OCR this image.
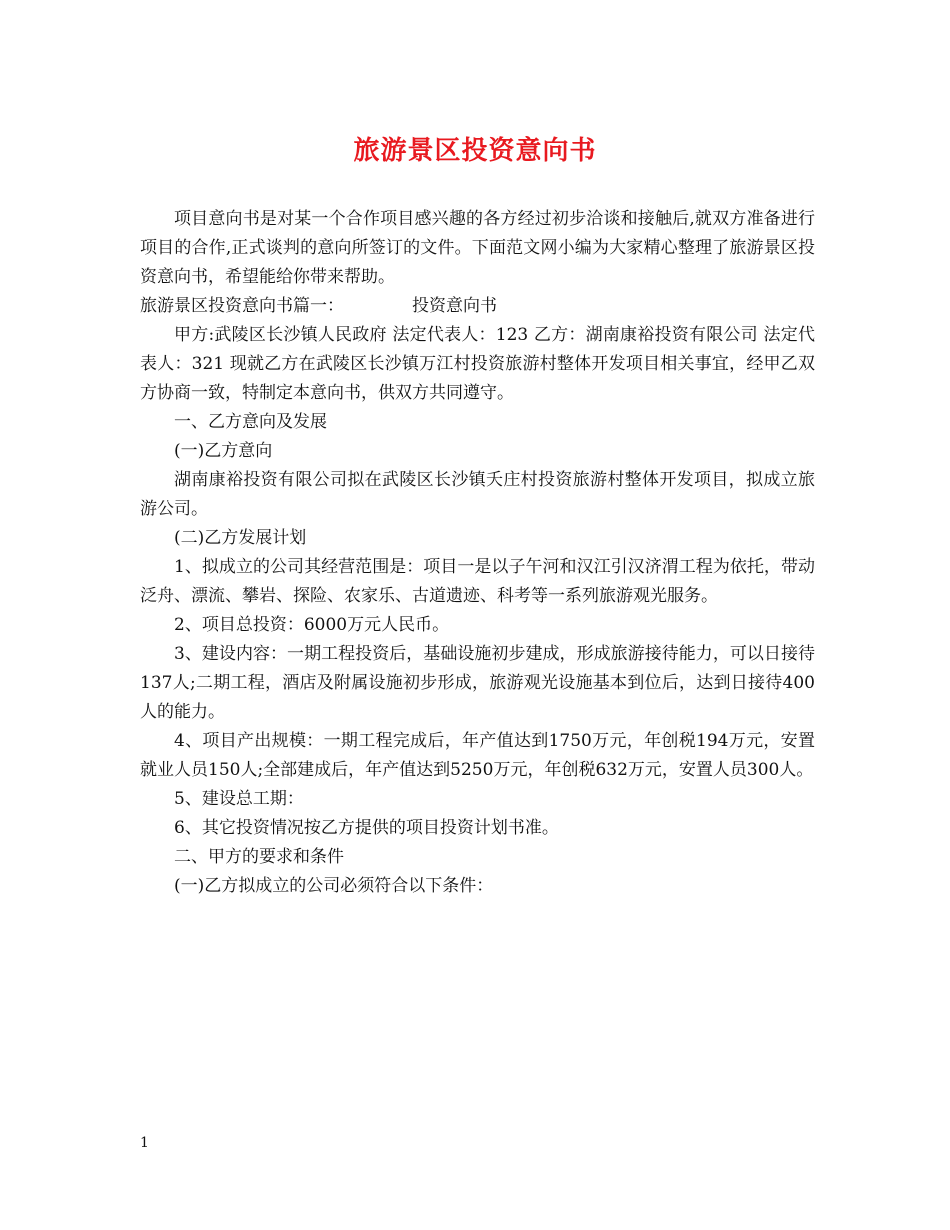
旅游景区投资意向书

项目意向书是对某一个合作项目感兴趣的各方经过初步洽谈和接触后,就双方准备进行项目的合作,正式谈判的意向所签订的文件。下面范文网小编为大家精心整理了旅游景区投资意向书，希望能给你带来帮助。

旅游景区投资意向书篇一：	投资意向书

甲方:武陵区长沙镇人民政府 法定代表人：123 乙方：湖南康裕投资有限公司 法定代表人：321 现就乙方在武陵区长沙镇万江村投资旅游村整体开发项目相关事宜，经甲乙双方协商一致，特制定本意向书，供双方共同遵守。

一、乙方意向及发展

(一)乙方意向

湖南康裕投资有限公司拟在武陵区长沙镇夭庄村投资旅游村整体开发项目，拟成立旅游公司。

(二)乙方发展计划

1、拟成立的公司其经营范围是：项目一是以子午河和汉江引汉济渭工程为依托，带动泛舟、漂流、攀岩、探险、农家乐、古道遗迹、科考等一系列旅游观光服务。

2、项目总投资：6000万元人民币。

3、建设内容：一期工程投资后，基础设施初步建成，形成旅游接待能力，可以日接待137人;二期工程，酒店及附属设施初步形成，旅游观光设施基本到位后，达到日接待400人的能力。

4、项目产出规模：一期工程完成后，年产值达到1750万元，年创税194万元，安置就业人员150人;全部建成后，年产值达到5250万元，年创税632万元，安置人员300人。

5、建设总工期：

6、其它投资情况按乙方提供的项目投资计划书准。

二、甲方的要求和条件

(一)乙方拟成立的公司必须符合以下条件：

1
